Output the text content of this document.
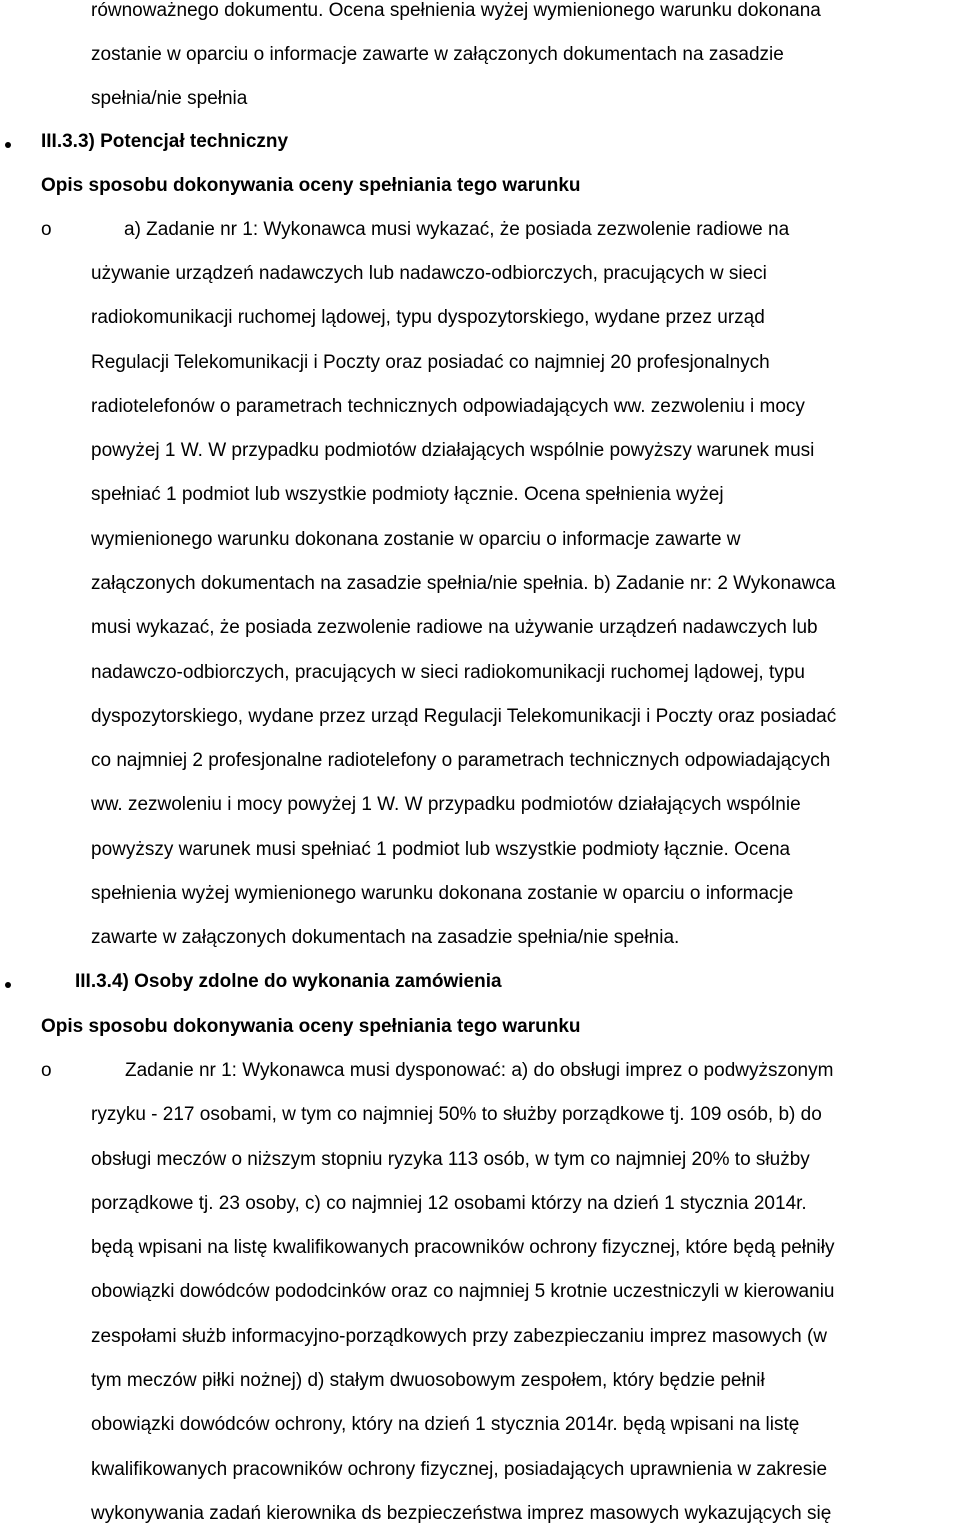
równoważnego dokumentu. Ocena spełnienia wyżej wymienionego warunku dokonana
zostanie w oparciu o informacje zawarte w załączonych dokumentach na zasadzie
spełnia/nie spełnia
III.3.3) Potencjał techniczny
Opis sposobu dokonywania oceny spełniania tego warunku
o	a) Zadanie nr 1: Wykonawca musi wykazać, że posiada zezwolenie radiowe na
używanie urządzeń nadawczych lub nadawczo-odbiorczych, pracujących w sieci
radiokomunikacji ruchomej lądowej, typu dyspozytorskiego, wydane przez urząd
Regulacji Telekomunikacji i Poczty oraz posiadać co najmniej 20 profesjonalnych
radiotelefonów o parametrach technicznych odpowiadających ww. zezwoleniu i mocy
powyżej 1 W. W przypadku podmiotów działających wspólnie powyższy warunek musi
spełniać 1 podmiot lub wszystkie podmioty łącznie. Ocena spełnienia wyżej
wymienionego warunku dokonana zostanie w oparciu o informacje zawarte w
załączonych dokumentach na zasadzie spełnia/nie spełnia. b) Zadanie nr: 2 Wykonawca
musi wykazać, że posiada zezwolenie radiowe na używanie urządzeń nadawczych lub
nadawczo-odbiorczych, pracujących w sieci radiokomunikacji ruchomej lądowej, typu
dyspozytorskiego, wydane przez urząd Regulacji Telekomunikacji i Poczty oraz posiadać
co najmniej 2 profesjonalne radiotelefony o parametrach technicznych odpowiadających
ww. zezwoleniu i mocy powyżej 1 W. W przypadku podmiotów działających wspólnie
powyższy warunek musi spełniać 1 podmiot lub wszystkie podmioty łącznie. Ocena
spełnienia wyżej wymienionego warunku dokonana zostanie w oparciu o informacje
zawarte w załączonych dokumentach na zasadzie spełnia/nie spełnia.
III.3.4) Osoby zdolne do wykonania zamówienia
Opis sposobu dokonywania oceny spełniania tego warunku
o	Zadanie nr 1: Wykonawca musi dysponować: a) do obsługi imprez o podwyższonym
ryzyku - 217 osobami, w tym co najmniej 50% to służby porządkowe tj. 109 osób, b) do
obsługi meczów o niższym stopniu ryzyka 113 osób, w tym co najmniej 20% to służby
porządkowe tj. 23 osoby, c) co najmniej 12 osobami którzy na dzień 1 stycznia 2014r.
będą wpisani na listę kwalifikowanych pracowników ochrony fizycznej, które będą pełniły
obowiązki dowódców pododcinków oraz co najmniej 5 krotnie uczestniczyli w kierowaniu
zespołami służb informacyjno-porządkowych przy zabezpieczaniu imprez masowych (w
tym meczów piłki nożnej) d) stałym dwuosobowym zespołem, który będzie pełnił
obowiązki dowódców ochrony, który na dzień 1 stycznia 2014r. będą wpisani na listę
kwalifikowanych pracowników ochrony fizycznej, posiadających uprawnienia w zakresie
wykonywania zadań kierownika ds bezpieczeństwa imprez masowych wykazujących się
